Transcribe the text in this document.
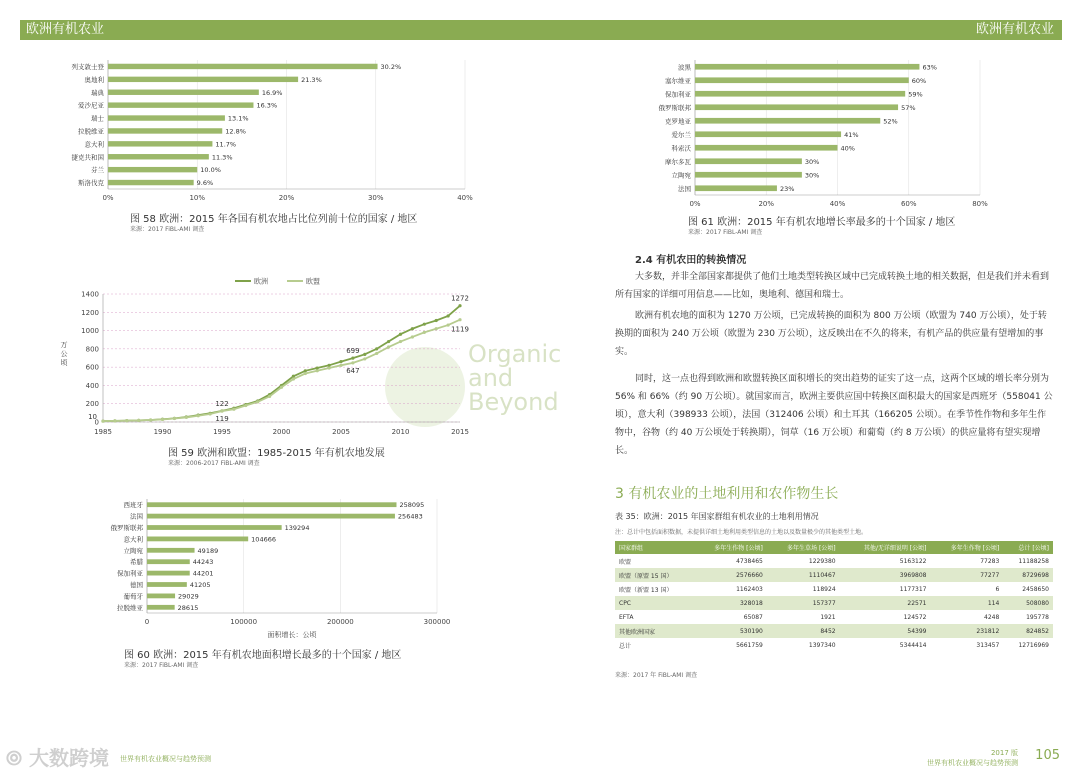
欧洲有机农业	欧洲有机农业
0%	10%	20%	30%	40%
列支敦士登	30.2%
奥地利	21.3%
瑞典	16.9%
爱沙尼亚	16.3%
瑞士	13.1%
拉脱维亚	12.8%
意大利	11.7%
捷克共和国	11.3%
芬兰	10.0%
斯洛伐克	9.6%
图 58 欧洲：2015 年各国有机农地占比位列前十位的国家 / 地区
来源：2017 FiBL-AMI 调查
Organic
and
Beyond
0
200
400
600
800
1000
1200
1400
1985	1990	1995	2000	2005	2010	2015
万
公
顷
欧洲	欧盟
10
122
119
699
647
1272
1119
图 59 欧洲和欧盟：1985-2015 年有机农地发展
来源：2006-2017 FiBL-AMI 调查
0	100000	200000	300000
西班牙	258095
法国	256483
俄罗斯联邦	139294
意大利	104666
立陶宛	49189
希腊	44243
保加利亚	44201
德国	41205
葡萄牙	29029
拉脱维亚	28615
面积增长：公顷
图 60 欧洲：2015 年有机农地面积增长最多的十个国家 / 地区
来源：2017 FiBL-AMI 调查
0%	20%	40%	60%	80%
波黑	63%
塞尔维亚	60%
保加利亚	59%
俄罗斯联邦	57%
克罗地亚	52%
爱尔兰	41%
科索沃	40%
摩尔多瓦	30%
立陶宛	30%
法国	23%
图 61 欧洲：2015 年有机农地增长率最多的十个国家 / 地区
来源：2017 FiBL-AMI 调查
2.4 有机农田的转换情况
大多数，并非全部国家都提供了他们土地类型转换区域中已完成转换土地的相关数据，但是我们并未看到所有国家的详细可用信息——比如，奥地利、德国和瑞士。
欧洲有机农地的面积为 1270 万公顷，已完成转换的面积为 800 万公顷（欧盟为 740 万公顷），处于转换期的面积为 240 万公顷（欧盟为 230 万公顷），这反映出在不久的将来，有机产品的供应量有望增加的事实。
同时，这一点也得到欧洲和欧盟转换区面积增长的突出趋势的证实了这一点，这两个区域的增长率分别为 56% 和 66%（约 90 万公顷）。就国家而言，欧洲主要供应国中转换区面积最大的国家是西班牙（558041 公顷），意大利（398933 公顷），法国（312406 公顷）和土耳其（166205 公顷）。在季节性作物和多年生作物中，谷物（约 40 万公顷处于转换期），饲草（16 万公顷）和葡萄（约 8 万公顷）的供应量将有望实现增长。
3 有机农业的土地利用和农作物生长
表 35：欧洲：2015 年国家群组有机农业的土地利用情况
注：总计中包括面积数据，未提供详细土地利用类型信息的土地以及数量极少的其他类型土地。
国家群组	多年生作物 [公顷]	多年生草场 [公顷]	其他/无详细说明 [公顷]	多年生作物 [公顷]	总计 [公顷]
欧盟	4738465	1229380	5163122	77283	11188258
欧盟（原盟 15 国）	2576660	1110467	3969808	77277	8729698
欧盟（新盟 13 国）	1162403	118924	1177317	6	2458650
CPC	328018	157377	22571	114	508080
EFTA	65087	1921	124572	4248	195778
其他欧洲国家	530190	8452	54399	231812	824852
总计	5661759	1397340	5344414	313457	12716969
来源：2017 年 FiBL-AMI 调查
⦾ 大数跨境 世界有机农业概况与趋势预测
2017 版
世界有机农业概况与趋势预测 105
